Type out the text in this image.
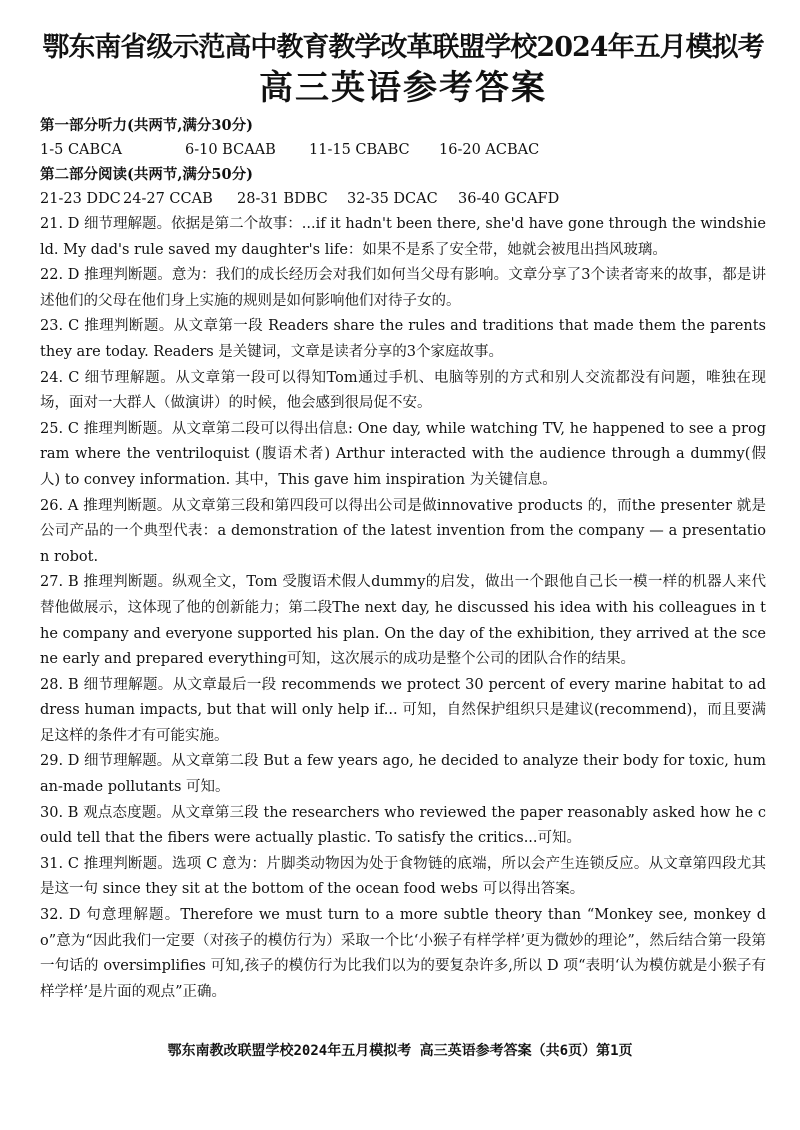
鄂东南省级示范高中教育教学改革联盟学校2024年五月模拟考
高三英语参考答案
第一部分听力(共两节,满分30分)
1-5 CABCA	6-10 BCAAB	11-15 CBABC	16-20 ACBAC
第二部分阅读(共两节,满分50分)
21-23 DDC 24-27 CCAB	28-31 BDBC	32-35 DCAC	36-40 GCAFD

21. D 细节理解题。依据是第二个故事：...if it hadn't been there, she'd have gone through the windshield. My dad's rule saved my daughter's life：如果不是系了安全带，她就会被甩出挡风玻璃。

22. D 推理判断题。意为：我们的成长经历会对我们如何当父母有影响。文章分享了3个读者寄来的故事，都是讲述他们的父母在他们身上实施的规则是如何影响他们对待子女的。

23. C 推理判断题。从文章第一段 Readers share the rules and traditions that made them the parents they are today. Readers 是关键词，文章是读者分享的3个家庭故事。

24. C 细节理解题。从文章第一段可以得知Tom通过手机、电脑等别的方式和别人交流都没有问题，唯独在现场，面对一大群人（做演讲）的时候，他会感到很局促不安。

25. C 推理判断题。从文章第二段可以得出信息: One day, while watching TV, he happened to see a program where the ventriloquist (腹语术者) Arthur interacted with the audience through a dummy(假人) to convey information. 其中，This gave him inspiration 为关键信息。

26. A 推理判断题。从文章第三段和第四段可以得出公司是做innovative products 的，而the presenter 就是公司产品的一个典型代表：a demonstration of the latest invention from the company — a presentation robot.

27. B 推理判断题。纵观全文，Tom 受腹语术假人dummy的启发，做出一个跟他自己长一模一样的机器人来代替他做展示，这体现了他的创新能力；第二段The next day, he discussed his idea with his colleagues in the company and everyone supported his plan. On the day of the exhibition, they arrived at the scene early and prepared everything可知，这次展示的成功是整个公司的团队合作的结果。

28. B 细节理解题。从文章最后一段 recommends we protect 30 percent of every marine habitat to address human impacts, but that will only help if... 可知，自然保护组织只是建议(recommend)，而且要满足这样的条件才有可能实施。

29. D 细节理解题。从文章第二段 But a few years ago, he decided to analyze their body for toxic, human-made pollutants 可知。

30. B 观点态度题。从文章第三段 the researchers who reviewed the paper reasonably asked how he could tell that the fibers were actually plastic. To satisfy the critics...可知。

31. C 推理判断题。选项 C 意为：片脚类动物因为处于食物链的底端，所以会产生连锁反应。从文章第四段尤其是这一句 since they sit at the bottom of the ocean food webs 可以得出答案。

32. D 句意理解题。Therefore we must turn to a more subtle theory than “Monkey see, monkey do”意为“因此我们一定要（对孩子的模仿行为）采取一个比‘小猴子有样学样’更为微妙的理论”，然后结合第一段第一句话的 oversimplifies 可知,孩子的模仿行为比我们以为的要复杂许多,所以 D 项“表明‘认为模仿就是小猴子有样学样’是片面的观点”正确。

鄂东南教改联盟学校2024年五月模拟考 高三英语参考答案（共6页）第1页
